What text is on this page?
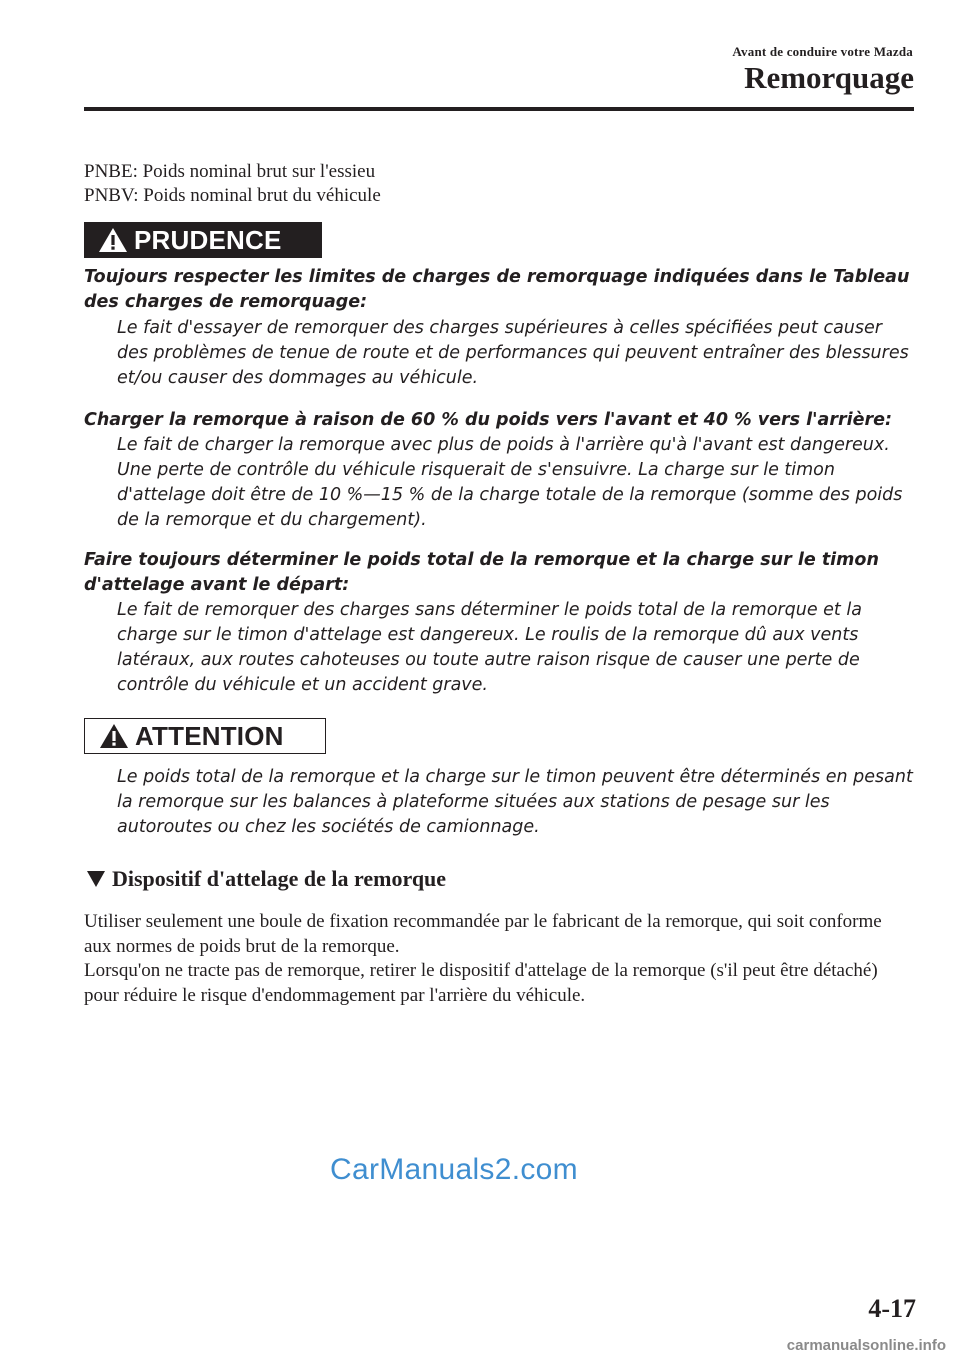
Avant de conduire votre Mazda
Remorquage
PNBE: Poids nominal brut sur l'essieu
PNBV: Poids nominal brut du véhicule
PRUDENCE
Toujours respecter les limites de charges de remorquage indiquées dans le Tableau des charges de remorquage:
Le fait d'essayer de remorquer des charges supérieures à celles spécifiées peut causer des problèmes de tenue de route et de performances qui peuvent entraîner des blessures et/ou causer des dommages au véhicule.
Charger la remorque à raison de 60 % du poids vers l'avant et 40 % vers l'arrière:
Le fait de charger la remorque avec plus de poids à l'arrière qu'à l'avant est dangereux. Une perte de contrôle du véhicule risquerait de s'ensuivre. La charge sur le timon d'attelage doit être de 10 %—15 % de la charge totale de la remorque (somme des poids de la remorque et du chargement).
Faire toujours déterminer le poids total de la remorque et la charge sur le timon d'attelage avant le départ:
Le fait de remorquer des charges sans déterminer le poids total de la remorque et la charge sur le timon d'attelage est dangereux. Le roulis de la remorque dû aux vents latéraux, aux routes cahoteuses ou toute autre raison risque de causer une perte de contrôle du véhicule et un accident grave.
ATTENTION
Le poids total de la remorque et la charge sur le timon peuvent être déterminés en pesant la remorque sur les balances à plateforme situées aux stations de pesage sur les autoroutes ou chez les sociétés de camionnage.
Dispositif d'attelage de la remorque
Utiliser seulement une boule de fixation recommandée par le fabricant de la remorque, qui soit conforme aux normes de poids brut de la remorque.
Lorsqu'on ne tracte pas de remorque, retirer le dispositif d'attelage de la remorque (s'il peut être détaché) pour réduire le risque d'endommagement par l'arrière du véhicule.
CarManuals2.com
4-17
carmanualsonline.info
